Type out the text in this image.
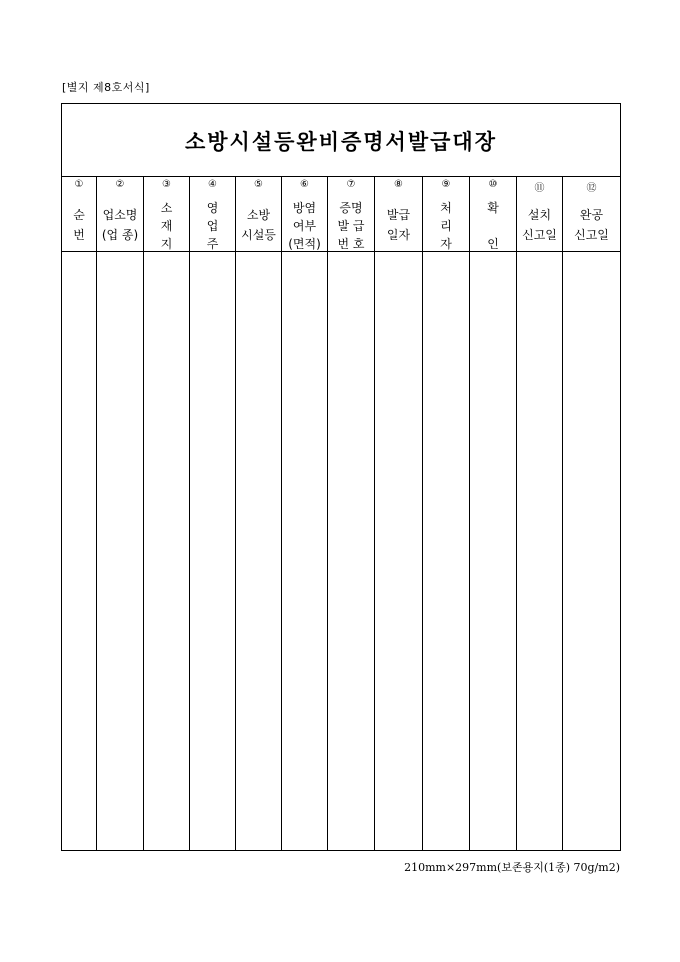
[별지 제8호서식]
소방시설등완비증명서발급대장
①
순
번
②
업소명
(업 종)
③
소
재
지
④
영
업
주
⑤
소방
시설등
⑥
방염
여부
(면적)
⑦
증명
발 급
번 호
⑧
발급
일자
⑨
처
리
자
⑩
확
인
⑪
설치
신고일
⑫
완공
신고일
210mm×297mm(보존용지(1종) 70g/m2)
